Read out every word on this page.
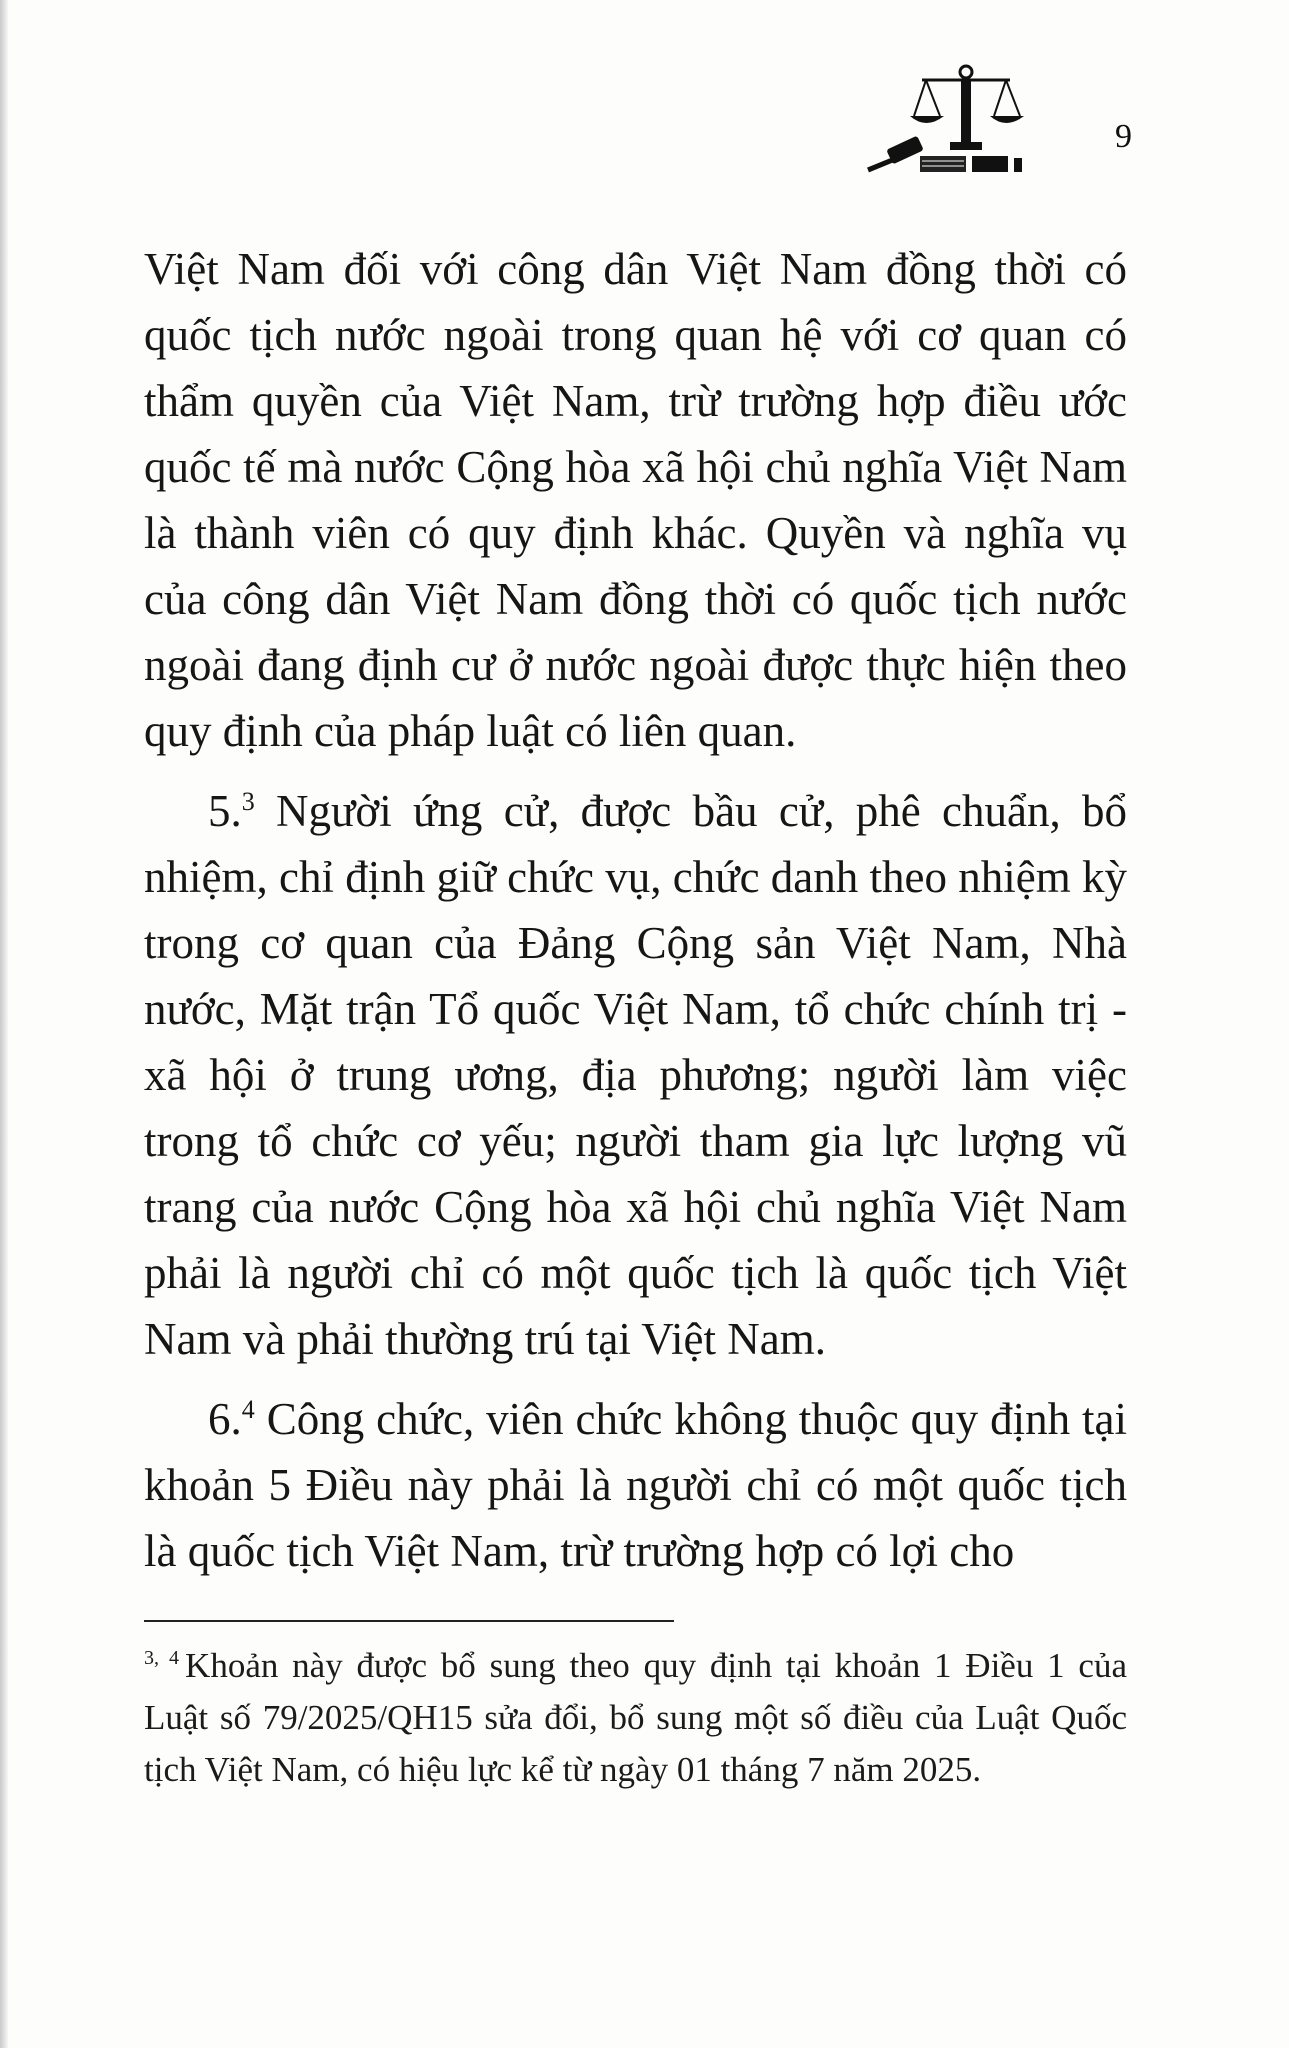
9

Việt Nam đối với công dân Việt Nam đồng thời có quốc tịch nước ngoài trong quan hệ với cơ quan có thẩm quyền của Việt Nam, trừ trường hợp điều ước quốc tế mà nước Cộng hòa xã hội chủ nghĩa Việt Nam là thành viên có quy định khác. Quyền và nghĩa vụ của công dân Việt Nam đồng thời có quốc tịch nước ngoài đang định cư ở nước ngoài được thực hiện theo quy định của pháp luật có liên quan.

5.$^3$ Người ứng cử, được bầu cử, phê chuẩn, bổ nhiệm, chỉ định giữ chức vụ, chức danh theo nhiệm kỳ trong cơ quan của Đảng Cộng sản Việt Nam, Nhà nước, Mặt trận Tổ quốc Việt Nam, tổ chức chính trị - xã hội ở trung ương, địa phương; người làm việc trong tổ chức cơ yếu; người tham gia lực lượng vũ trang của nước Cộng hòa xã hội chủ nghĩa Việt Nam phải là người chỉ có một quốc tịch là quốc tịch Việt Nam và phải thường trú tại Việt Nam.

6.$^4$ Công chức, viên chức không thuộc quy định tại khoản 5 Điều này phải là người chỉ có một quốc tịch là quốc tịch Việt Nam, trừ trường hợp có lợi cho

$^{3, 4}$ Khoản này được bổ sung theo quy định tại khoản 1 Điều 1 của Luật số 79/2025/QH15 sửa đổi, bổ sung một số điều của Luật Quốc tịch Việt Nam, có hiệu lực kể từ ngày 01 tháng 7 năm 2025.
